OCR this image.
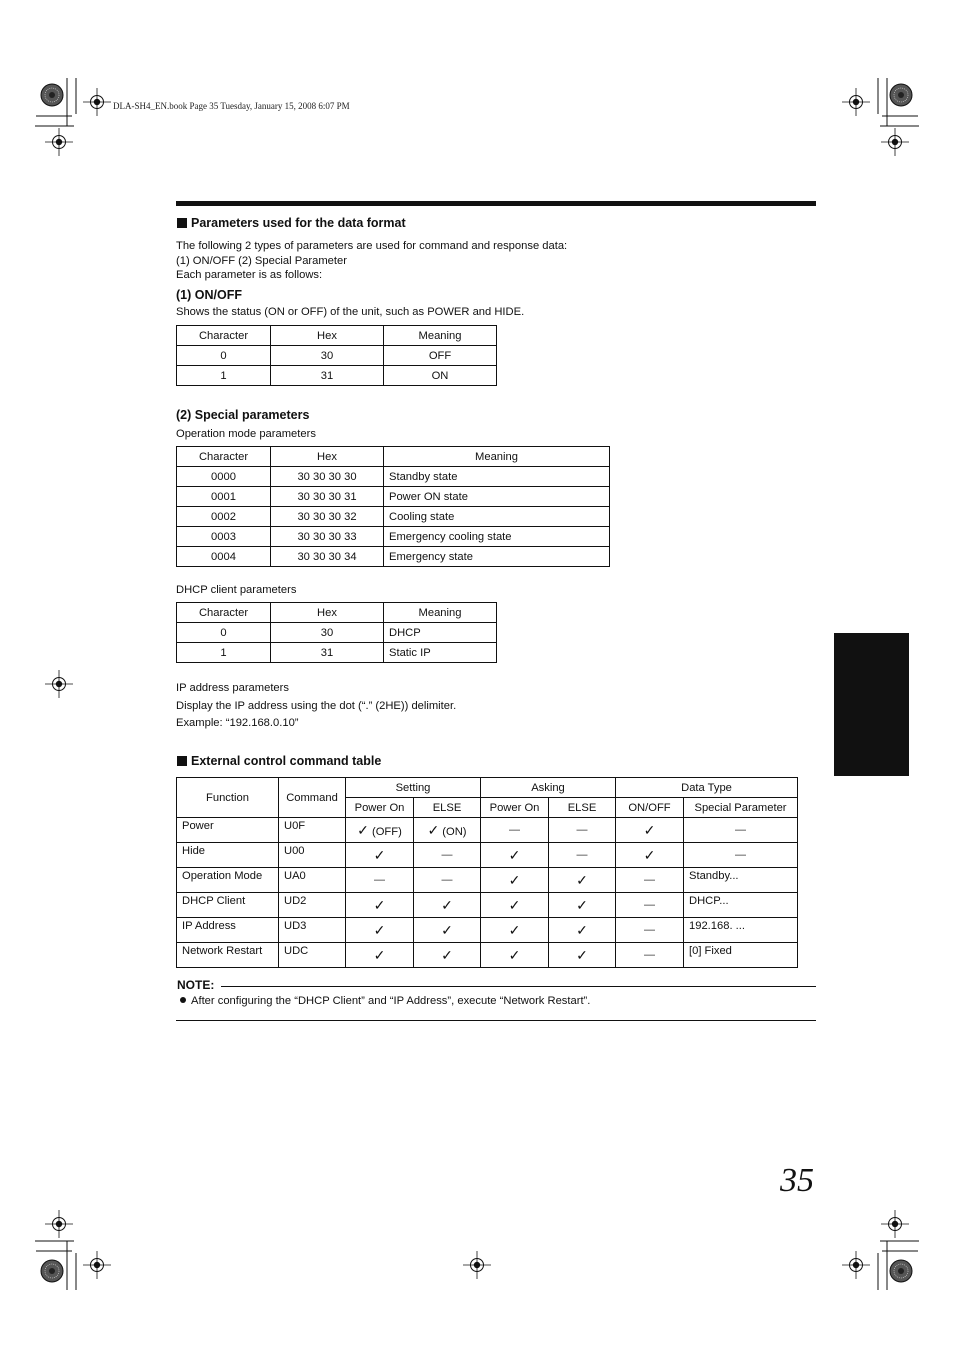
DLA-SH4_EN.book Page 35 Tuesday, January 15, 2008 6:07 PM
Parameters used for the data format
The following 2 types of parameters are used for command and response data:
(1) ON/OFF (2) Special Parameter
Each parameter is as follows:
(1) ON/OFF
Shows the status (ON or OFF) of the unit, such as POWER and HIDE.
Character	Hex	Meaning
0	30	OFF
1	31	ON
(2) Special parameters
Operation mode parameters
Character	Hex	Meaning
0000	30 30 30 30	Standby state
0001	30 30 30 31	Power ON state
0002	30 30 30 32	Cooling state
0003	30 30 30 33	Emergency cooling state
0004	30 30 30 34	Emergency state
DHCP client parameters
Character	Hex	Meaning
0	30	DHCP
1	31	Static IP
IP address parameters
Display the IP address using the dot (“.” (2HE)) delimiter.
Example: “192.168.0.10”
External control command table
Function	Command	Setting		Asking		Data Type	
		Power On	ELSE	Power On	ELSE	ON/OFF	Special Parameter
Power	U0F	✓ (OFF)	✓ (ON)	—	—	✓	—
Hide	U00	✓	—	✓	—	✓	—
Operation Mode	UA0	—	—	✓	✓	—	Standby...
DHCP Client	UD2	✓	✓	✓	✓	—	DHCP...
IP Address	UD3	✓	✓	✓	✓	—	192.168. ...
Network Restart	UDC	✓	✓	✓	✓	—	[0] Fixed
NOTE:
After configuring the “DHCP Client” and “IP Address”, execute “Network Restart”.
35
